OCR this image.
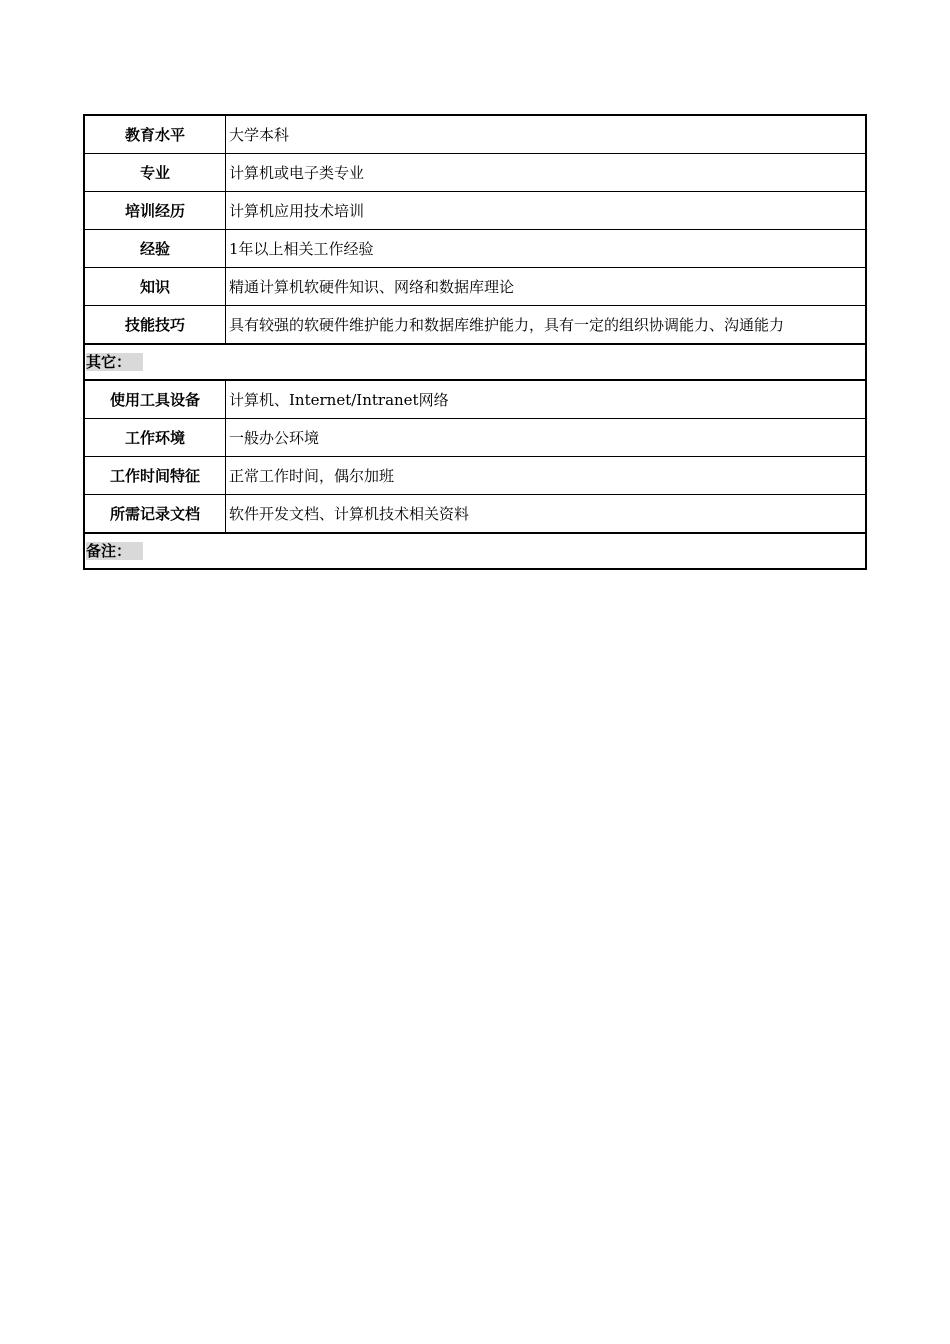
教育水平	大学本科
专业	计算机或电子类专业
培训经历	计算机应用技术培训
经验	1年以上相关工作经验
知识	精通计算机软硬件知识、网络和数据库理论
技能技巧	具有较强的软硬件维护能力和数据库维护能力，具有一定的组织协调能力、沟通能力
其它：	
使用工具设备	计算机、Internet/Intranet网络
工作环境	一般办公环境
工作时间特征	正常工作时间，偶尔加班
所需记录文档	软件开发文档、计算机技术相关资料
备注：	
